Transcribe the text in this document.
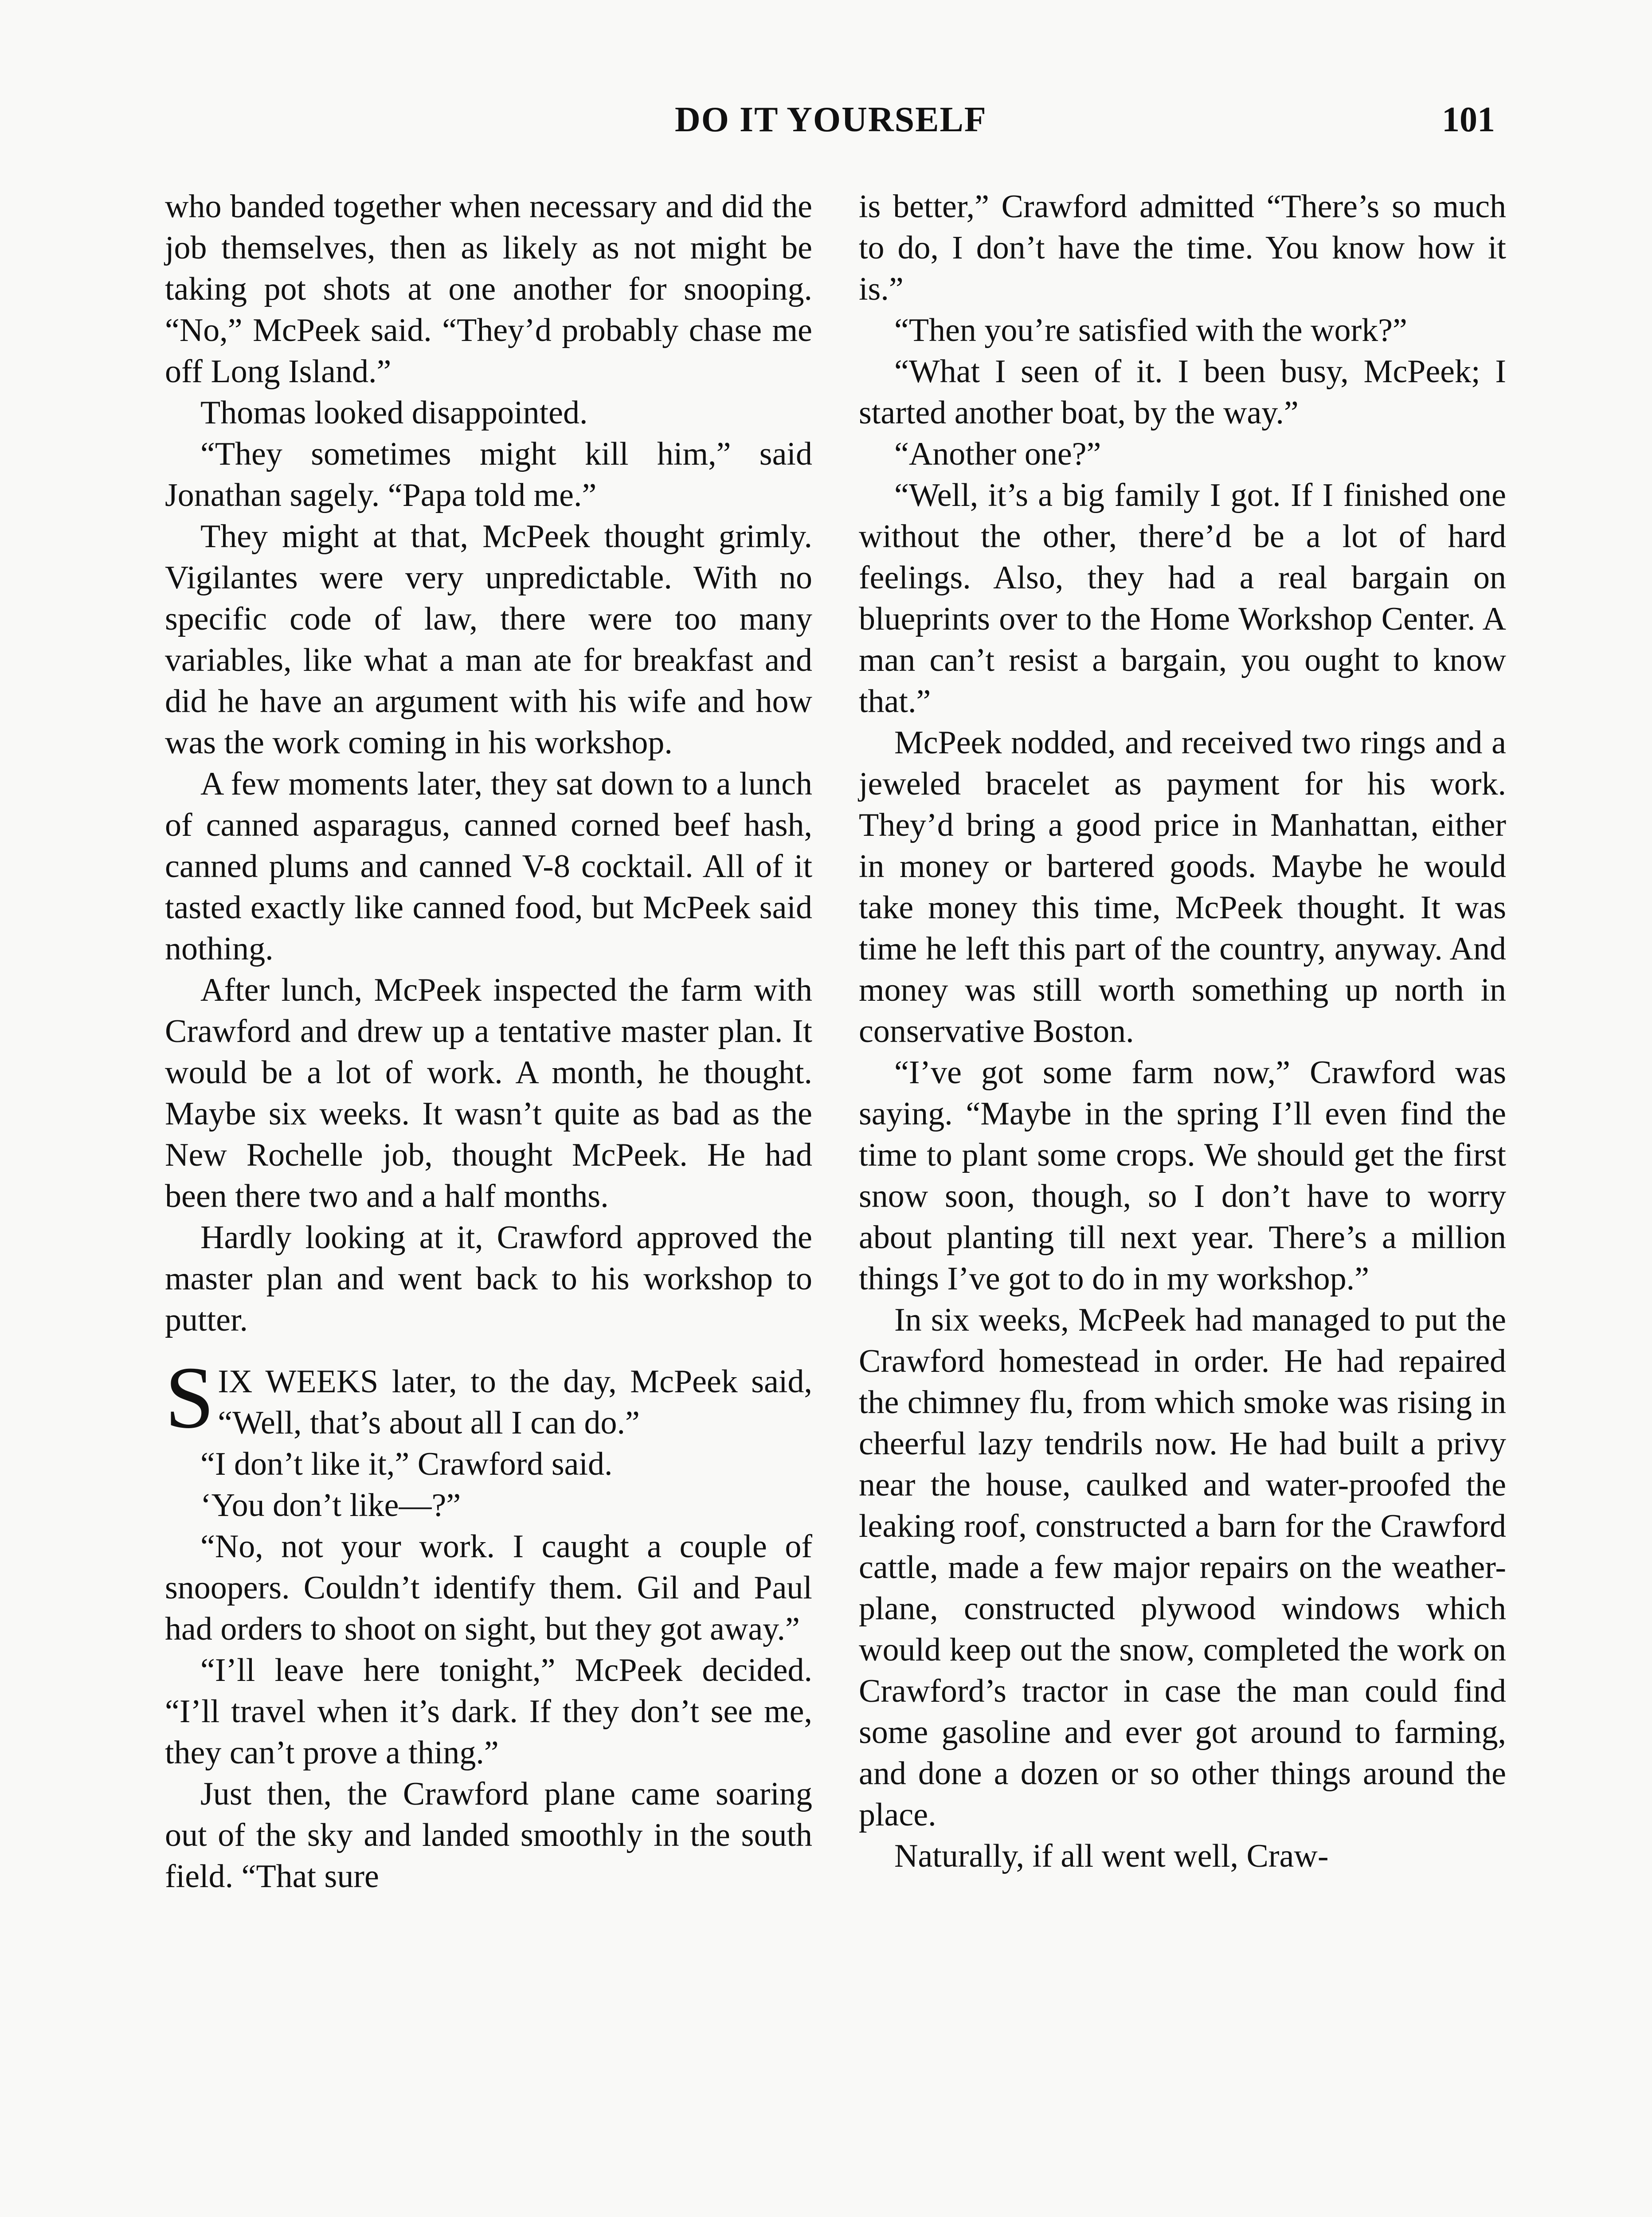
DO IT YOURSELF	101

who banded together when necessary and did the job themselves, then as likely as not might be taking pot shots at one another for snooping. “No,” McPeek said. “They’d probably chase me off Long Island.”

Thomas looked disappointed.

“They sometimes might kill him,” said Jonathan sagely. “Papa told me.”

They might at that, McPeek thought grimly. Vigilantes were very unpredictable. With no specific code of law, there were too many variables, like what a man ate for breakfast and did he have an argument with his wife and how was the work coming in his workshop.

A few moments later, they sat down to a lunch of canned asparagus, canned corned beef hash, canned plums and canned V-8 cocktail. All of it tasted exactly like canned food, but McPeek said nothing.

After lunch, McPeek inspected the farm with Crawford and drew up a tentative master plan. It would be a lot of work. A month, he thought. Maybe six weeks. It wasn’t quite as bad as the New Rochelle job, thought McPeek. He had been there two and a half months.

Hardly looking at it, Crawford approved the master plan and went back to his workshop to putter.

S IX WEEKS later, to the day, McPeek said, “Well, that’s about all I can do.”

“I don’t like it,” Crawford said.

‘You don’t like—?”

“No, not your work. I caught a couple of snoopers. Couldn’t identify them. Gil and Paul had orders to shoot on sight, but they got away.”

“I’ll leave here tonight,” McPeek decided. “I’ll travel when it’s dark. If they don’t see me, they can’t prove a thing.”

Just then, the Crawford plane came soaring out of the sky and landed smoothly in the south field. “That sure

is better,” Crawford admitted “There’s so much to do, I don’t have the time. You know how it is.”

“Then you’re satisfied with the work?”

“What I seen of it. I been busy, McPeek; I started another boat, by the way.”

“Another one?”

“Well, it’s a big family I got. If I finished one without the other, there’d be a lot of hard feelings. Also, they had a real bargain on blueprints over to the Home Workshop Center. A man can’t resist a bargain, you ought to know that.”

McPeek nodded, and received two rings and a jeweled bracelet as payment for his work. They’d bring a good price in Manhattan, either in money or bartered goods. Maybe he would take money this time, McPeek thought. It was time he left this part of the country, anyway. And money was still worth something up north in conservative Boston.

“I’ve got some farm now,” Crawford was saying. “Maybe in the spring I’ll even find the time to plant some crops. We should get the first snow soon, though, so I don’t have to worry about planting till next year. There’s a million things I’ve got to do in my workshop.”

In six weeks, McPeek had managed to put the Crawford homestead in order. He had repaired the chimney flu, from which smoke was rising in cheerful lazy tendrils now. He had built a privy near the house, caulked and water-proofed the leaking roof, constructed a barn for the Crawford cattle, made a few major repairs on the weather-plane, constructed plywood windows which would keep out the snow, completed the work on Crawford’s tractor in case the man could find some gasoline and ever got around to farming, and done a dozen or so other things around the place.

Naturally, if all went well, Craw-
